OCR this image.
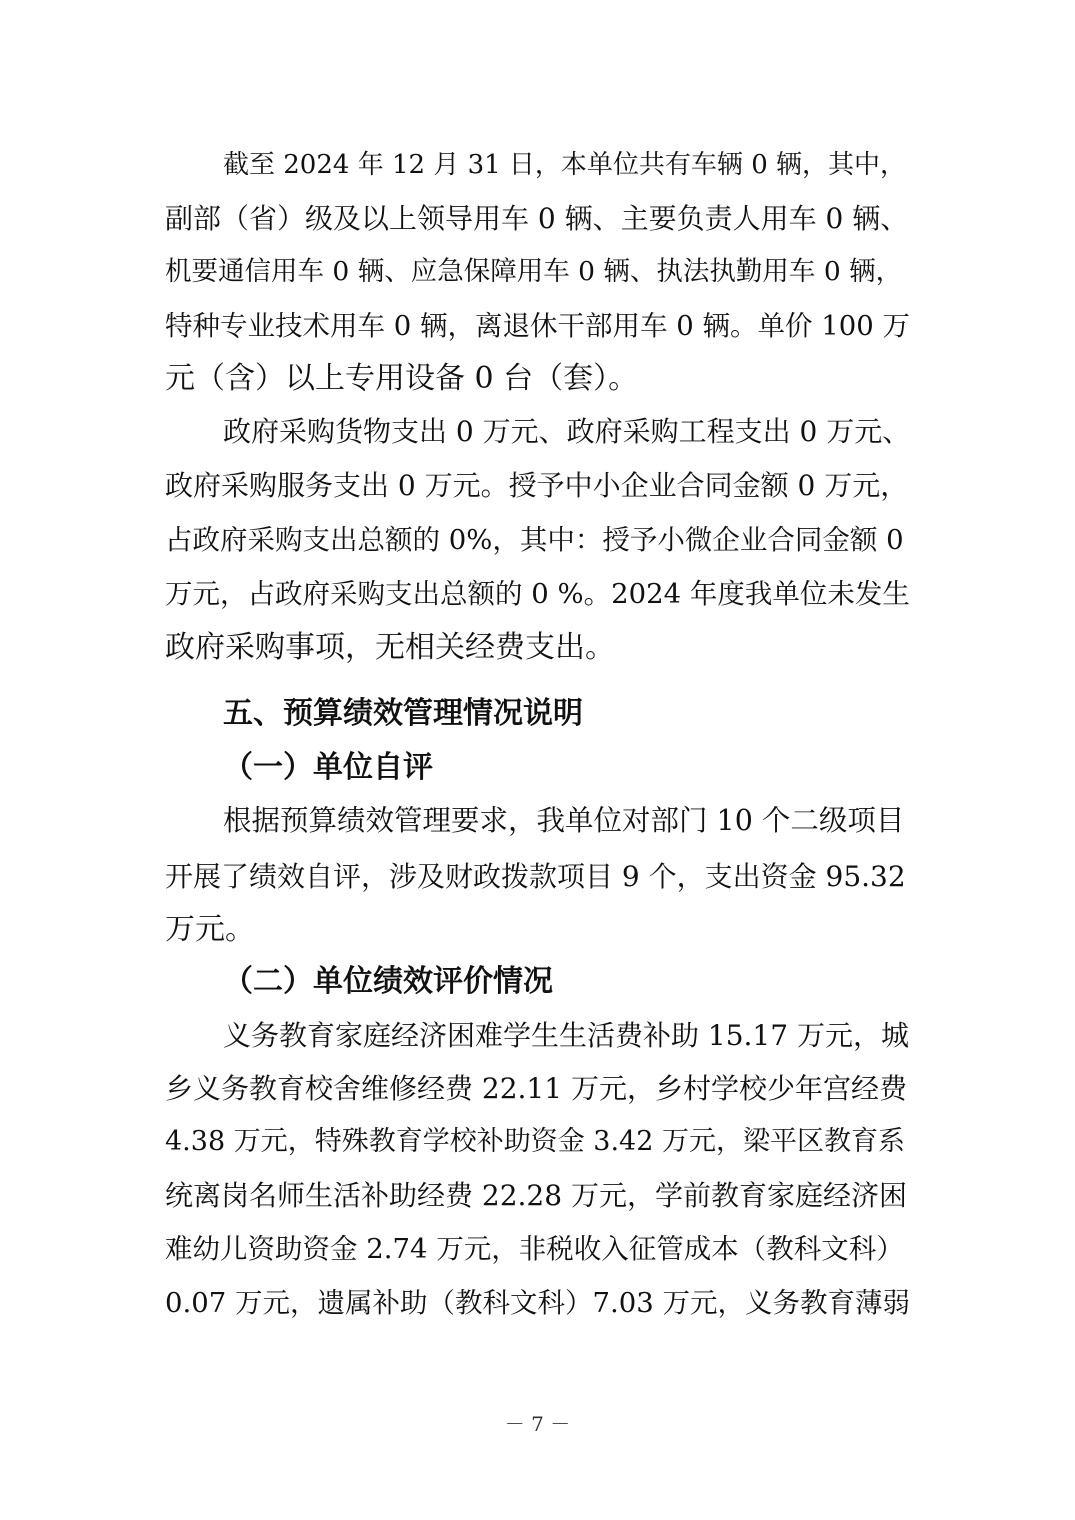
截至 2024 年 12 月 31 日，本单位共有车辆 0 辆，其中，
副部（省）级及以上领导用车 0 辆、主要负责人用车 0 辆、
机要通信用车 0 辆、应急保障用车 0 辆、执法执勤用车 0 辆，
特种专业技术用车 0 辆，离退休干部用车 0 辆。单价 100 万
元（含）以上专用设备 0 台（套）。
政府采购货物支出 0 万元、政府采购工程支出 0 万元、
政府采购服务支出 0 万元。授予中小企业合同金额 0 万元，
占政府采购支出总额的 0%，其中：授予小微企业合同金额 0
万元，占政府采购支出总额的 0 %。2024 年度我单位未发生
政府采购事项，无相关经费支出。
五、预算绩效管理情况说明
（一）单位自评
根据预算绩效管理要求，我单位对部门 10 个二级项目
开展了绩效自评，涉及财政拨款项目 9 个，支出资金 95.32
万元。
（二）单位绩效评价情况
义务教育家庭经济困难学生生活费补助 15.17 万元，城
乡义务教育校舍维修经费 22.11 万元，乡村学校少年宫经费
4.38 万元，特殊教育学校补助资金 3.42 万元，梁平区教育系
统离岗名师生活补助经费 22.28 万元，学前教育家庭经济困
难幼儿资助资金 2.74 万元，非税收入征管成本（教科文科）
0.07 万元，遗属补助（教科文科）7.03 万元，义务教育薄弱
－ 7 －
